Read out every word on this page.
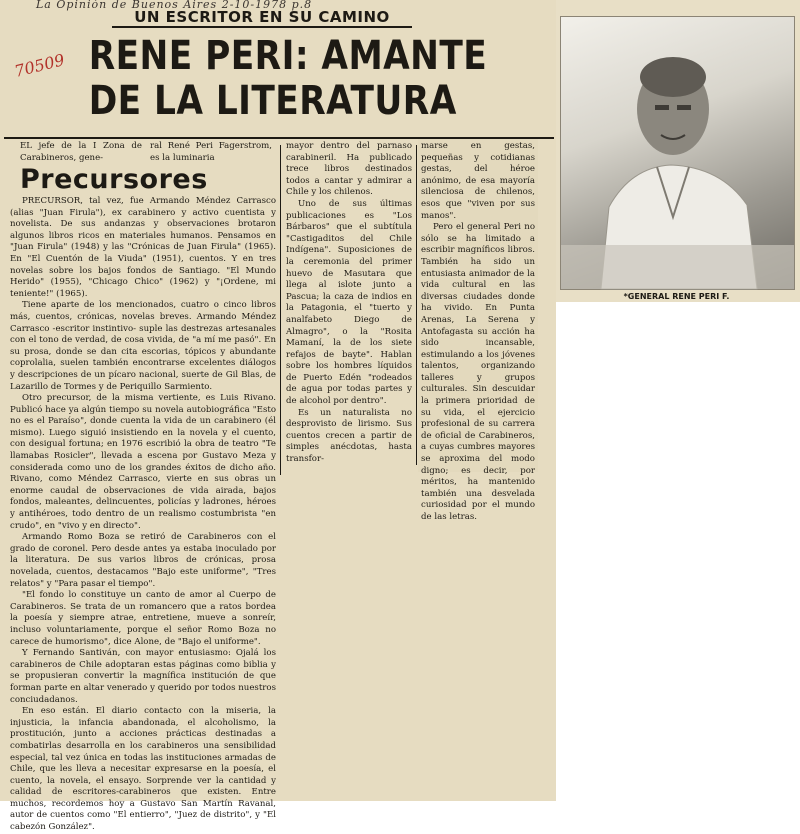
La Opinión de Buenos Aires 2-10-1978 p.8
70509
UN ESCRITOR EN SU CAMINO
RENE PERI: AMANTE
DE LA LITERATURA

EL jefe de la I Zona de Carabineros, gene-

ral René Peri Fagerstrom, es la luminaria

Precursores

PRECURSOR, tal vez, fue Armando Méndez Carrasco (alias "Juan Firula"), ex carabinero y activo cuentista y novelista. De sus andanzas y observaciones brotaron algunos libros ricos en materiales humanos. Pensamos en "Juan Firula" (1948) y las "Crónicas de Juan Firula" (1965). En "El Cuentón de la Viuda" (1951), cuentos. Y en tres novelas sobre los bajos fondos de Santiago. "El Mundo Herido" (1955), "Chicago Chico" (1962) y "¡Ordene, mi teniente!" (1965).

Tiene aparte de los mencionados, cuatro o cinco libros más, cuentos, crónicas, novelas breves. Armando Méndez Carrasco -escritor instintivo- suple las destrezas artesanales con el tono de verdad, de cosa vivida, de "a mí me pasó". En su prosa, donde se dan cita escorias, tópicos y abundante coprolalia, suelen también encontrarse excelentes diálogos y descripciones de un pícaro nacional, suerte de Gil Blas, de Lazarillo de Tormes y de Periquillo Sarmiento.

Otro precursor, de la misma vertiente, es Luis Rivano. Publicó hace ya algún tiempo su novela autobiográfica "Esto no es el Paraíso", donde cuenta la vida de un carabinero (él mismo). Luego siguió insistiendo en la novela y el cuento, con desigual fortuna; en 1976 escribió la obra de teatro "Te llamabas Rosicler", llevada a escena por Gustavo Meza y considerada como uno de los grandes éxitos de dicho año. Rivano, como Méndez Carrasco, vierte en sus obras un enorme caudal de observaciones de vida airada, bajos fondos, maleantes, delincuentes, policías y ladrones, héroes y antihéroes, todo dentro de un realismo costumbrista "en crudo", en "vivo y en directo".

Armando Romo Boza se retiró de Carabineros con el grado de coronel. Pero desde antes ya estaba inoculado por la literatura. De sus varios libros de crónicas, prosa novelada, cuentos, destacamos "Bajo este uniforme", "Tres relatos" y "Para pasar el tiempo".

"El fondo lo constituye un canto de amor al Cuerpo de Carabineros. Se trata de un romancero que a ratos bordea la poesía y siempre atrae, entretiene, mueve a sonreír, incluso voluntariamente, porque el señor Romo Boza no carece de humorismo", dice Alone, de "Bajo el uniforme".

Y Fernando Santiván, con mayor entusiasmo: Ojalá los carabineros de Chile adoptaran estas páginas como biblia y se propusieran convertir la magnífica institución de que forman parte en altar venerado y querido por todos nuestros conciudadanos.

En eso están. El diario contacto con la miseria, la injusticia, la infancia abandonada, el alcoholismo, la prostitución, junto a acciones prácticas destinadas a combatirlas desarrolla en los carabineros una sensibilidad especial, tal vez única en todas las instituciones armadas de Chile, que les lleva a necesitar expresarse en la poesía, el cuento, la novela, el ensayo. Sorprende ver la cantidad y calidad de escritores-carabineros que existen. Entre muchos, recordemos hoy a Gustavo San Martín Ravanal, autor de cuentos como "El entierro", "Juez de distrito", y "El cabezón González".

mayor dentro del parnaso carabineril. Ha publicado trece libros destinados todos a cantar y admirar a Chile y los chilenos.

Uno de sus últimas publicaciones es "Los Bárbaros" que el subtítula "Castigaditos del Chile Indígena". Suposiciones de la ceremonia del primer huevo de Masutara que llega al islote junto a Pascua; la caza de indios en la Patagonia, el "tuerto y analfabeto Diego de Almagro", o la "Rosita Mamaní, la de los siete refajos de bayte". Hablan sobre los hombres líquidos de Puerto Edén "rodeados de agua por todas partes y de alcohol por dentro".

Es un naturalista no desprovisto de lirismo. Sus cuentos crecen a partir de simples anécdotas, hasta transfor-

marse en gestas, pequeñas y cotidianas gestas, del héroe anónimo, de esa mayoría silenciosa de chilenos, esos que "viven por sus manos".

Pero el general Peri no sólo se ha limitado a escribir magníficos libros. También ha sido un entusiasta animador de la vida cultural en las diversas ciudades donde ha vivido. En Punta Arenas, La Serena y Antofagasta su acción ha sido incansable, estimulando a los jóvenes talentos, organizando talleres y grupos culturales. Sin descuidar la primera prioridad de su vida, el ejercicio profesional de su carrera de oficial de Carabineros, a cuyas cumbres mayores se aproxima del modo digno; es decir, por méritos, ha mantenido también una desvelada curiosidad por el mundo de las letras.

*GENERAL RENE PERI F.
